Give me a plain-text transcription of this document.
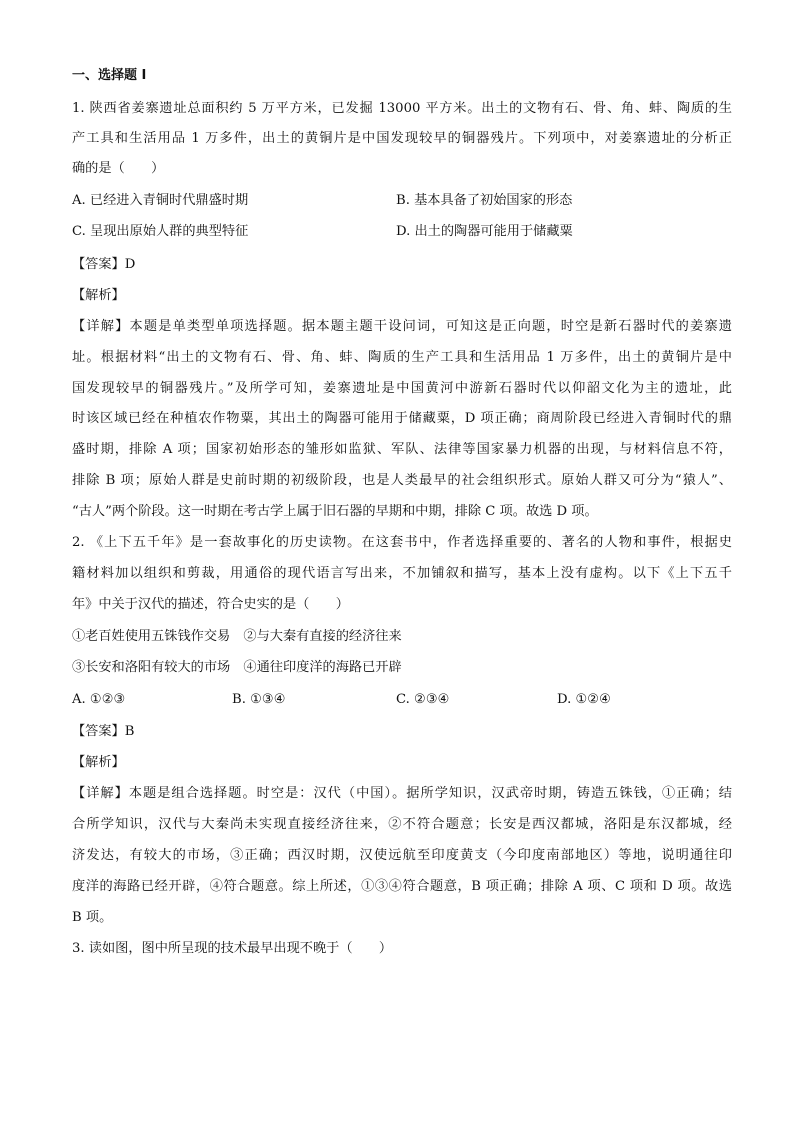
一、选择题 I
1. 陕西省姜寨遗址总面积约 5 万平方米，已发掘 13000 平方米。出土的文物有石、骨、角、蚌、陶质的生
产工具和生活用品 1 万多件，出土的黄铜片是中国发现较早的铜器残片。下列项中，对姜寨遗址的分析正
确的是（　　）
A. 已经进入青铜时代鼎盛时期	B. 基本具备了初始国家的形态
C. 呈现出原始人群的典型特征	D. 出土的陶器可能用于储藏粟
【答案】D
【解析】
【详解】本题是单类型单项选择题。据本题主题干设问词，可知这是正向题，时空是新石器时代的姜寨遗
址。根据材料“出土的文物有石、骨、角、蚌、陶质的生产工具和生活用品 1 万多件，出土的黄铜片是中
国发现较早的铜器残片。”及所学可知，姜寨遗址是中国黄河中游新石器时代以仰韶文化为主的遗址，此
时该区域已经在种植农作物粟，其出土的陶器可能用于储藏粟，D 项正确；商周阶段已经进入青铜时代的鼎
盛时期，排除 A 项；国家初始形态的雏形如监狱、军队、法律等国家暴力机器的出现，与材料信息不符，
排除 B 项；原始人群是史前时期的初级阶段，也是人类最早的社会组织形式。原始人群又可分为“猿人”、
“古人”两个阶段。这一时期在考古学上属于旧石器的早期和中期，排除 C 项。故选 D 项。
2. 《上下五千年》是一套故事化的历史读物。在这套书中，作者选择重要的、著名的人物和事件，根据史
籍材料加以组织和剪裁，用通俗的现代语言写出来，不加铺叙和描写，基本上没有虚构。以下《上下五千
年》中关于汉代的描述，符合史实的是（　　）
①老百姓使用五铢钱作交易　②与大秦有直接的经济往来
③长安和洛阳有较大的市场　④通往印度洋的海路已开辟
A. ①②③	B. ①③④	C. ②③④	D. ①②④
【答案】B
【解析】
【详解】本题是组合选择题。时空是：汉代（中国）。据所学知识，汉武帝时期，铸造五铢钱，①正确；结
合所学知识，汉代与大秦尚未实现直接经济往来，②不符合题意；长安是西汉都城，洛阳是东汉都城，经
济发达，有较大的市场，③正确；西汉时期，汉使远航至印度黄支（今印度南部地区）等地，说明通往印
度洋的海路已经开辟，④符合题意。综上所述，①③④符合题意，B 项正确；排除 A 项、C 项和 D 项。故选
B 项。
3. 读如图，图中所呈现的技术最早出现不晚于（　　）
